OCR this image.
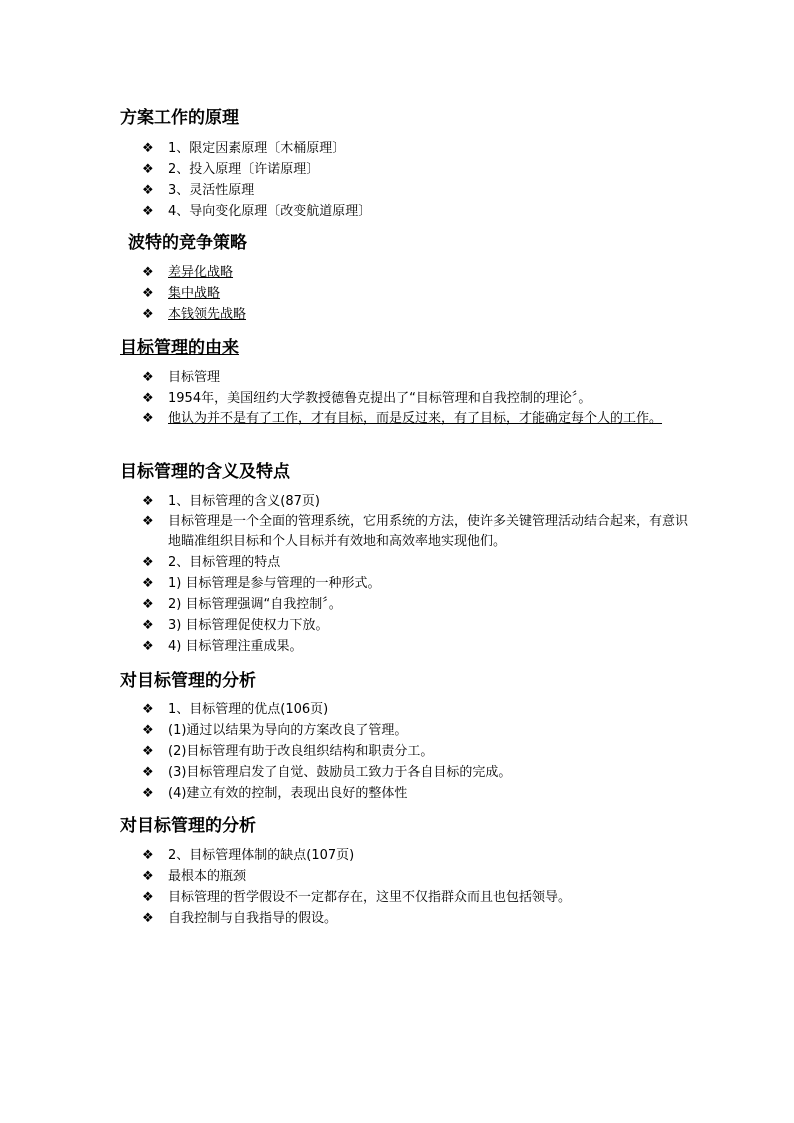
方案工作的原理
❖ 1、限定因素原理〔木桶原理〕
❖ 2、投入原理〔许诺原理〕
❖ 3、灵活性原理
❖ 4、导向变化原理〔改变航道原理〕
波特的竞争策略
❖ 差异化战略
❖ 集中战略
❖ 本钱领先战略
目标管理的由来
❖ 目标管理
❖ 1954年，美国纽约大学教授德鲁克提出了“目标管理和自我控制的理论〞。
❖ 他认为并不是有了工作，才有目标，而是反过来，有了目标，才能确定每个人的工作。
目标管理的含义及特点
❖ 1、目标管理的含义(87页)
❖ 目标管理是一个全面的管理系统，它用系统的方法，使许多关键管理活动结合起来，有意识地瞄准组织目标和个人目标并有效地和高效率地实现他们。
❖ 2、目标管理的特点
❖ 1) 目标管理是参与管理的一种形式。
❖ 2) 目标管理强调“自我控制〞。
❖ 3) 目标管理促使权力下放。
❖ 4) 目标管理注重成果。
对目标管理的分析
❖ 1、目标管理的优点(106页)
❖ (1)通过以结果为导向的方案改良了管理。
❖ (2)目标管理有助于改良组织结构和职责分工。
❖ (3)目标管理启发了自觉、鼓励员工致力于各自目标的完成。
❖ (4)建立有效的控制，表现出良好的整体性
对目标管理的分析
❖ 2、目标管理体制的缺点(107页)
❖ 最根本的瓶颈
❖ 目标管理的哲学假设不一定都存在，这里不仅指群众而且也包括领导。
❖ 自我控制与自我指导的假设。
